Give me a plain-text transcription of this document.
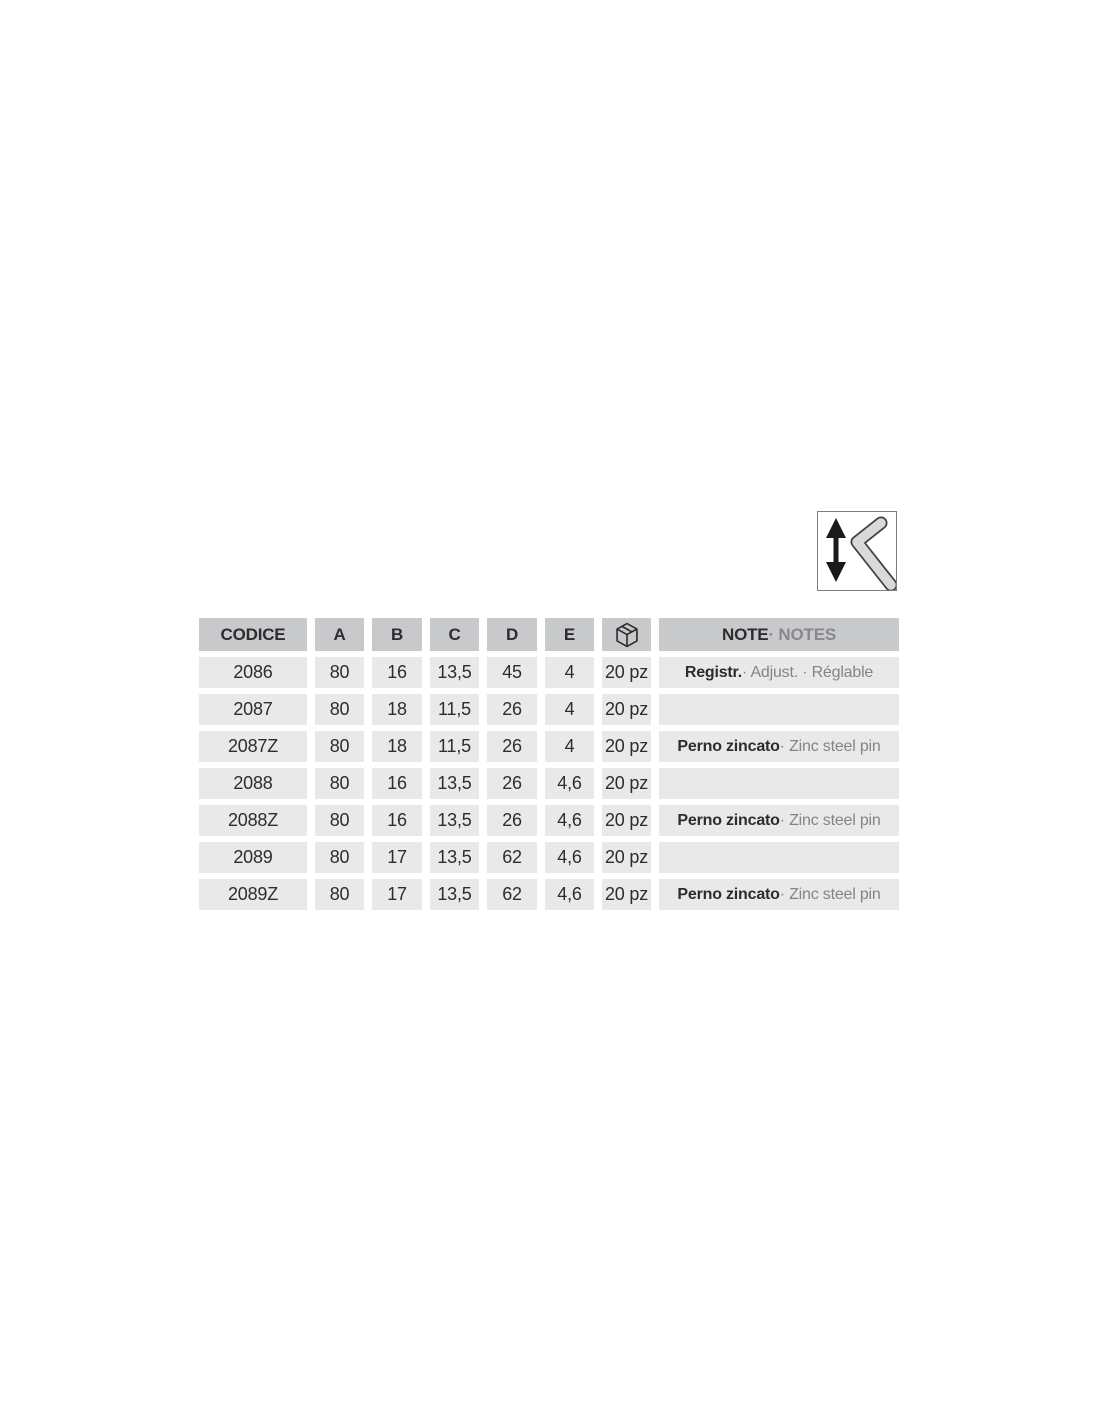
CODICE	A	B	C	D	E	NOTE · NOTES
2086	80	16	13,5	45	4	20 pz Registr. · Adjust. · Réglable
2087	80	18	11,5	26	4	20 pz
2087Z	80	18	11,5	26	4	20 pz Perno zincato · Zinc steel pin
2088	80	16	13,5	26	4,6	20 pz
2088Z	80	16	13,5	26	4,6	20 pz Perno zincato · Zinc steel pin
2089	80	17	13,5	62	4,6	20 pz
2089Z	80	17	13,5	62	4,6	20 pz Perno zincato · Zinc steel pin
